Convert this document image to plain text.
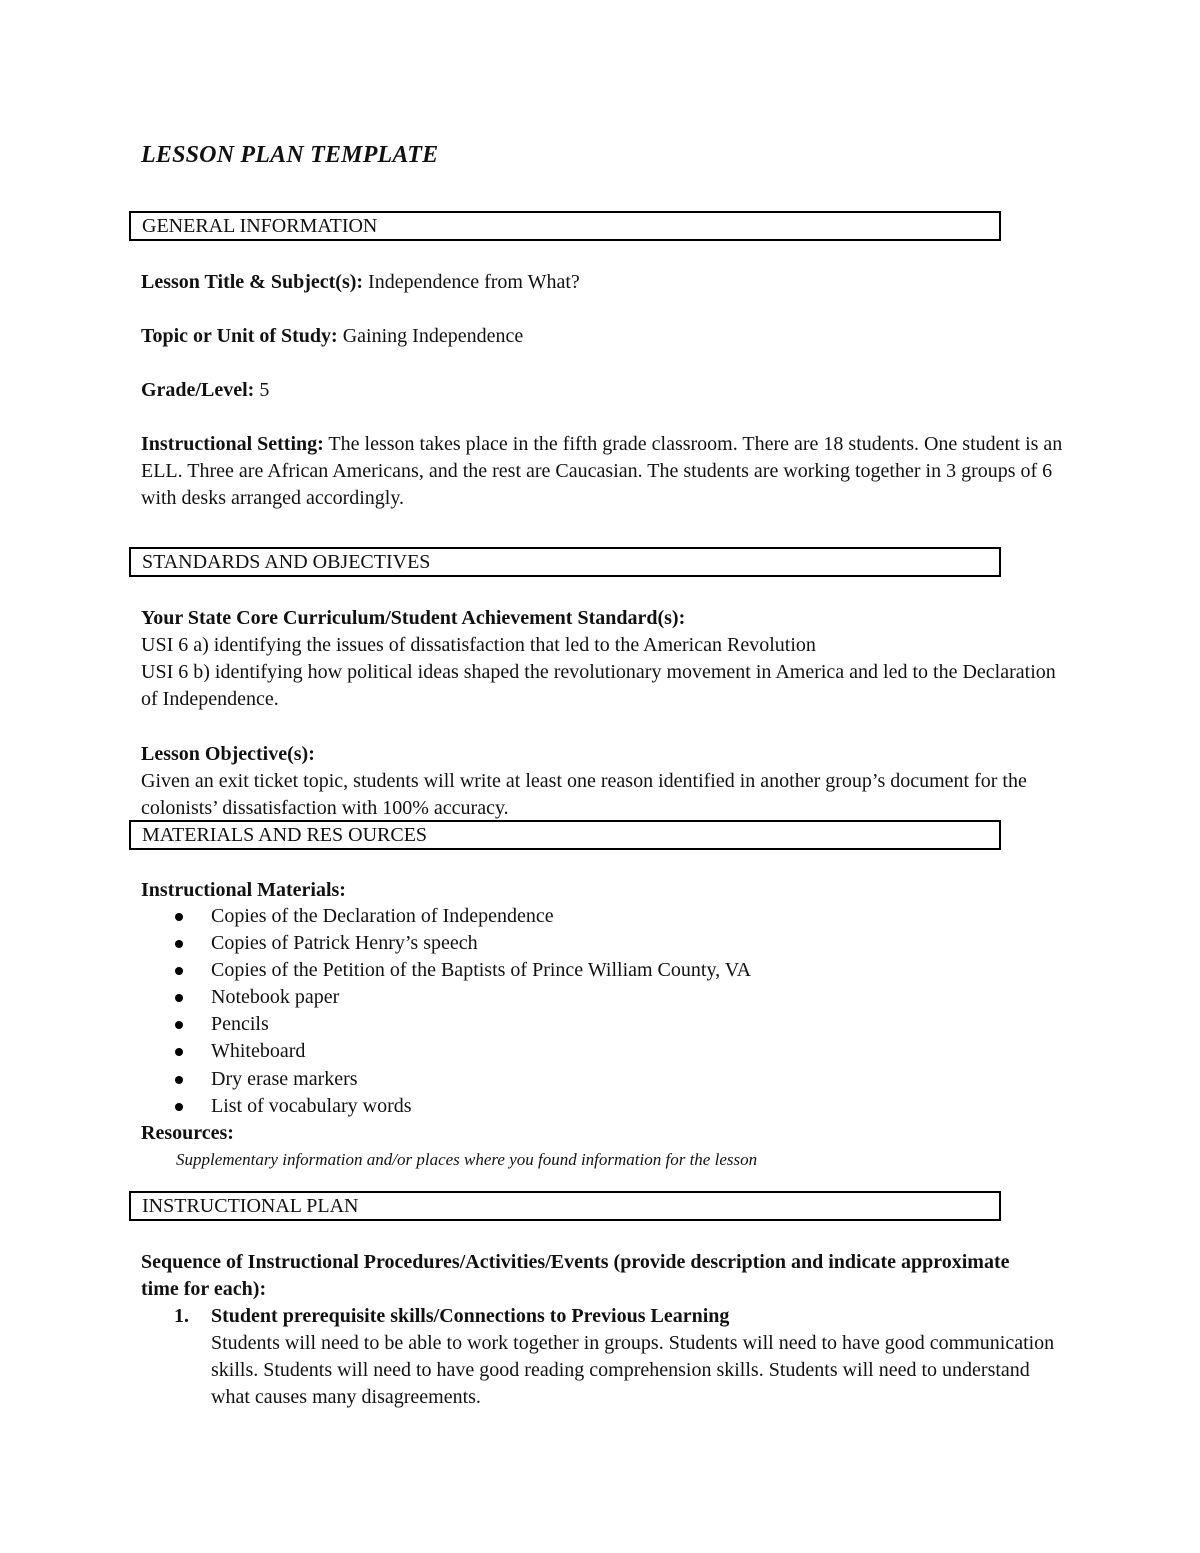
LESSON PLAN TEMPLATE
GENERAL INFORMATION

Lesson Title & Subject(s): Independence from What?

Topic or Unit of Study: Gaining Independence

Grade/Level: 5

Instructional Setting: The lesson takes place in the fifth grade classroom. There are 18 students. One student is an ELL. Three are African Americans, and the rest are Caucasian. The students are working together in 3 groups of 6 with desks arranged accordingly.

STANDARDS AND OBJECTIVES

Your State Core Curriculum/Student Achievement Standard(s):

USI 6 a) identifying the issues of dissatisfaction that led to the American Revolution

USI 6 b) identifying how political ideas shaped the revolutionary movement in America and led to the Declaration of Independence.

Lesson Objective(s):

Given an exit ticket topic, students will write at least one reason identified in another group’s document for the colonists’ dissatisfaction with 100% accuracy.

MATERIALS AND RES OURCES

Instructional Materials:

Copies of the Declaration of Independence
Copies of Patrick Henry’s speech
Copies of the Petition of the Baptists of Prince William County, VA
Notebook paper
Pencils
Whiteboard
Dry erase markers
List of vocabulary words

Resources:

Supplementary information and/or places where you found information for the lesson

INSTRUCTIONAL PLAN

Sequence of Instructional Procedures/Activities/Events (provide description and indicate approximate time for each):

1. Student prerequisite skills/Connections to Previous Learning
Students will need to be able to work together in groups. Students will need to have good communication skills. Students will need to have good reading comprehension skills. Students will need to understand what causes many disagreements.
